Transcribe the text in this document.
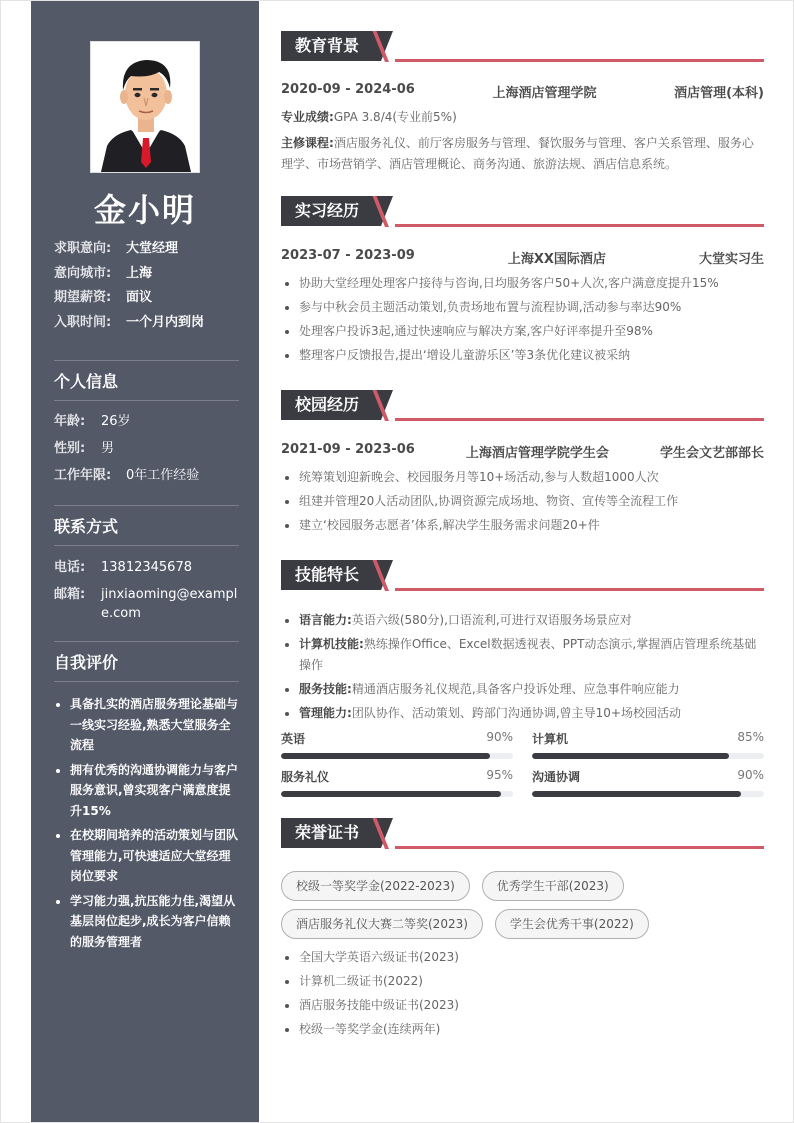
金小明
求职意向:	大堂经理
意向城市:	上海
期望薪资:	面议
入职时间:	一个月内到岗
个人信息
年龄:	26岁
性别:	男
工作年限:	0年工作经验
联系方式
电话:	13812345678
邮箱:	jinxiaoming@example.com
自我评价
• 具备扎实的酒店服务理论基础与一线实习经验,熟悉大堂服务全流程
• 拥有优秀的沟通协调能力与客户服务意识,曾实现客户满意度提升15%
• 在校期间培养的活动策划与团队管理能力,可快速适应大堂经理岗位要求
• 学习能力强,抗压能力佳,渴望从基层岗位起步,成长为客户信赖的服务管理者
教育背景
2020-09 - 2024-06	上海酒店管理学院	酒店管理(本科)
专业成绩:GPA 3.8/4(专业前5%)
主修课程:酒店服务礼仪、前厅客房服务与管理、餐饮服务与管理、客户关系管理、服务心理学、市场营销学、酒店管理概论、商务沟通、旅游法规、酒店信息系统。
实习经历
2023-07 - 2023-09	上海XX国际酒店	大堂实习生
• 协助大堂经理处理客户接待与咨询,日均服务客户50+人次,客户满意度提升15%
• 参与中秋会员主题活动策划,负责场地布置与流程协调,活动参与率达90%
• 处理客户投诉3起,通过快速响应与解决方案,客户好评率提升至98%
• 整理客户反馈报告,提出‘增设儿童游乐区’等3条优化建议被采纳
校园经历
2021-09 - 2023-06	上海酒店管理学院学生会	学生会文艺部部长
• 统筹策划迎新晚会、校园服务月等10+场活动,参与人数超1000人次
• 组建并管理20人活动团队,协调资源完成场地、物资、宣传等全流程工作
• 建立‘校园服务志愿者’体系,解决学生服务需求问题20+件
技能特长
• 语言能力:英语六级(580分),口语流利,可进行双语服务场景应对
• 计算机技能:熟练操作Office、Excel数据透视表、PPT动态演示,掌握酒店管理系统基础操作
• 服务技能:精通酒店服务礼仪规范,具备客户投诉处理、应急事件响应能力
• 管理能力:团队协作、活动策划、跨部门沟通协调,曾主导10+场校园活动
英语	90% 计算机	85%
服务礼仪	95% 沟通协调	90%
荣誉证书
校级一等奖学金(2022-2023)	优秀学生干部(2023)
酒店服务礼仪大赛二等奖(2023)	学生会优秀干事(2022)
• 全国大学英语六级证书(2023)
• 计算机二级证书(2022)
• 酒店服务技能中级证书(2023)
• 校级一等奖学金(连续两年)
